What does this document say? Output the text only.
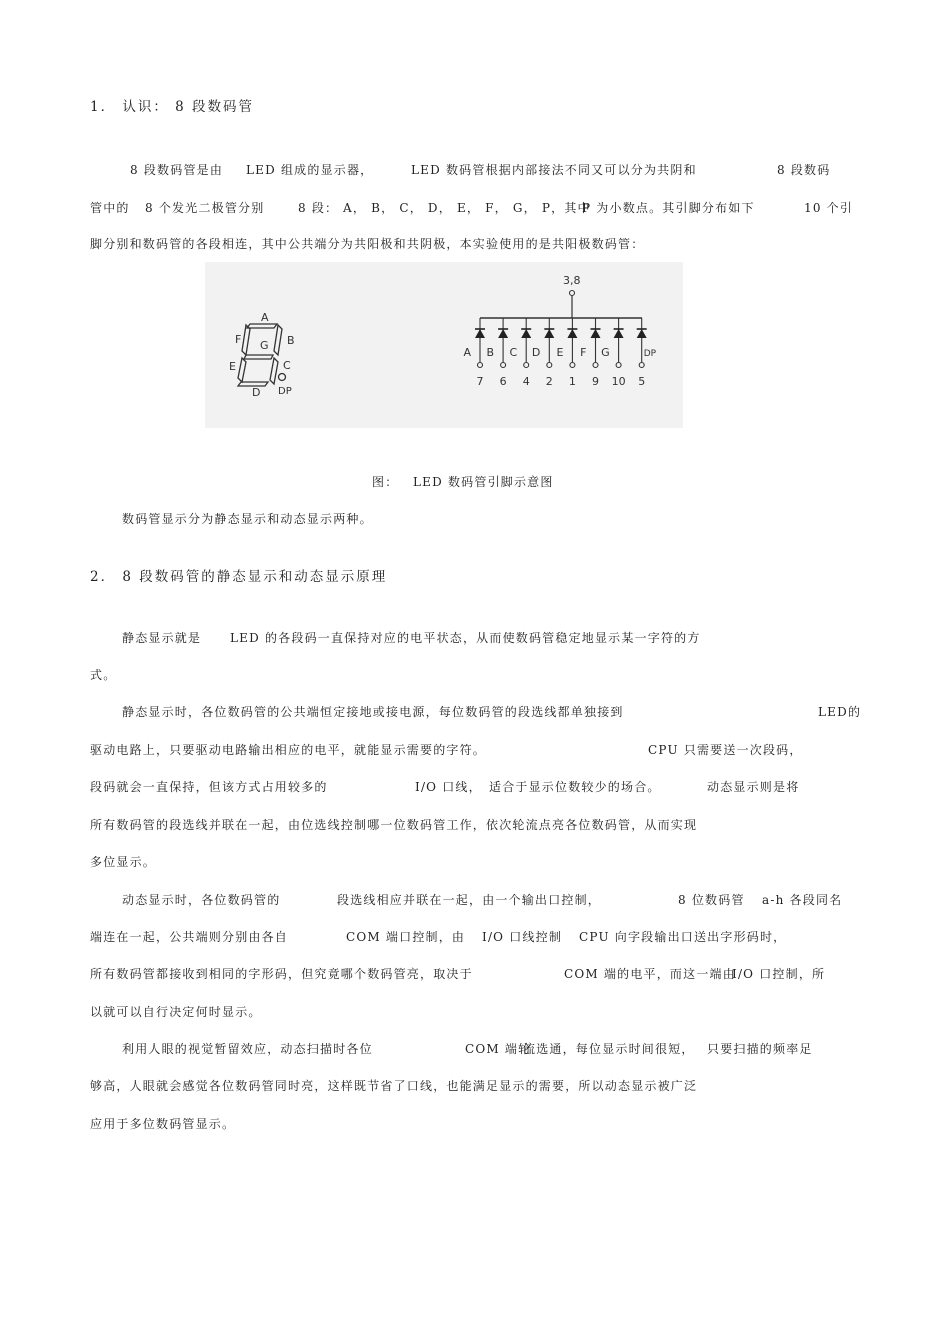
1． 认识： 8 段数码管
8 段数码管是由 LED 组成的显示器，	LED 数码管根据内部接法不同又可以分为共阴和	8 段数码
管中的 8 个发光二极管分别	8 段： A， B， C， D， E， F， G， P，其中
P 为小数点。其引脚分布如下	10 个引
脚分别和数码管的各段相连，其中公共端分为共阳极和共阴极，本实验使用的是共阳极数码管：
A
B
C
D
E
F G
DP
3,8
A
7
B
6
C
4
D
2
E
1
F
9
G
10
DP
5
图： LED 数码管引脚示意图
数码管显示分为静态显示和动态显示两种。
2． 8 段数码管的静态显示和动态显示原理
静态显示就是 LED 的各段码一直保持对应的电平状态，从而使数码管稳定地显示某一字符的方
式。
静态显示时，各位数码管的公共端恒定接地或接电源，每位数码管的段选线都单独接到	LED的
驱动电路上，只要驱动电路输出相应的电平，就能显示需要的字符。	CPU 只需要送一次段码，
段码就会一直保持，但该方式占用较多的	I/O 口线， 适合于显示位数较少的场合。	动态显示则是将
所有数码管的段选线并联在一起，由位选线控制哪一位数码管工作，依次轮流点亮各位数码管，从而实现
多位显示。
动态显示时，各位数码管的	段选线相应并联在一起，由一个输出口控制，	8 位数码管 a-h 各段同名
端连在一起，公共端则分别由各自	COM 端口控制，由 I/O 口线控制 CPU 向字段输出口送出字形码时，
所有数码管都接收到相同的字形码，但究竟哪个数码管亮，取决于	COM 端的电平，而这一端由
I/O 口控制，所
以就可以自行决定何时显示。
利用人眼的视觉暂留效应，动态扫描时各位	COM 端轮
流选通，每位显示时间很短， 只要扫描的频率足
够高，人眼就会感觉各位数码管同时亮，这样既节省了口线，也能满足显示的需要，所以动态显示被广泛
应用于多位数码管显示。
